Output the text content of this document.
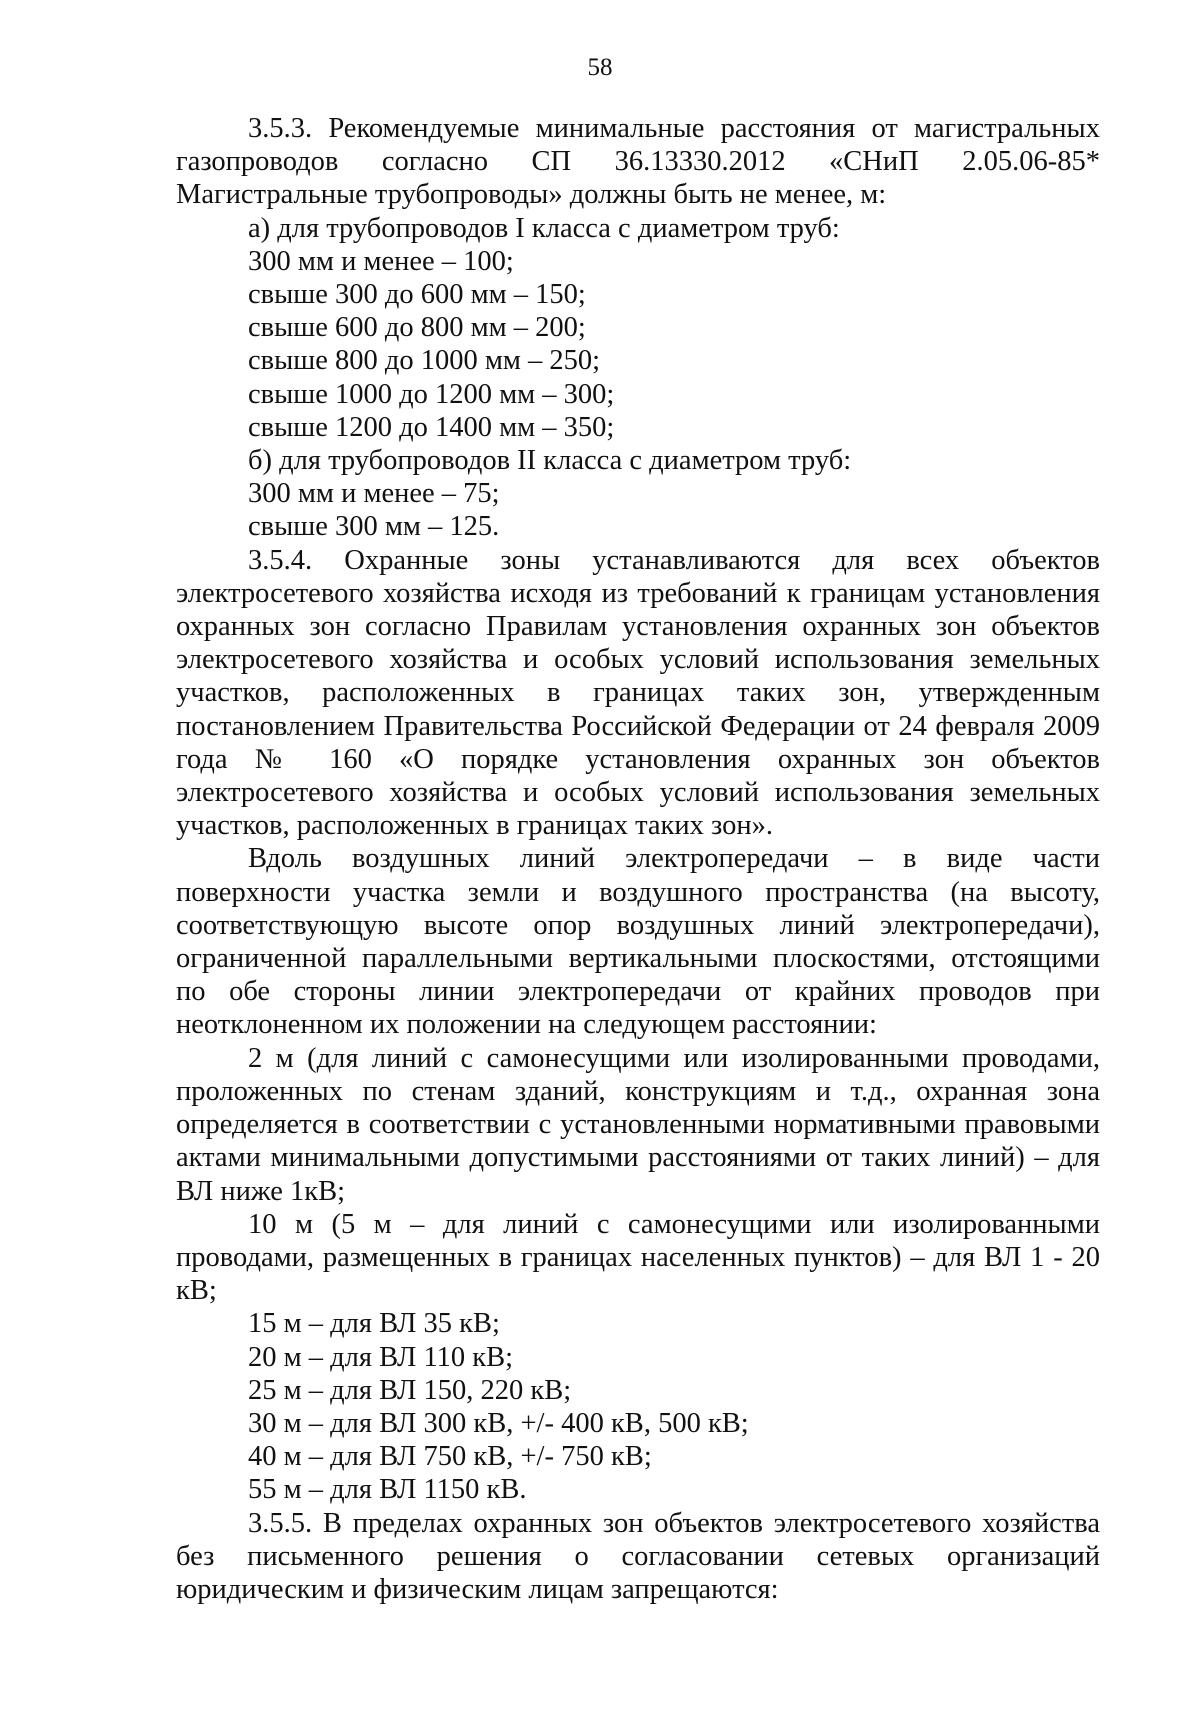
58
3.5.3. Рекомендуемые минимальные расстояния от магистральных
газопроводов согласно СП 36.13330.2012 «СНиП 2.05.06-85*

Магистральные трубопроводы» должны быть не менее, м:

а) для трубопроводов I класса с диаметром труб:

300 мм и менее – 100;

свыше 300 до 600 мм – 150;

свыше 600 до 800 мм – 200;

свыше 800 до 1000 мм – 250;

свыше 1000 до 1200 мм – 300;

свыше 1200 до 1400 мм – 350;

б) для трубопроводов II класса с диаметром труб:

300 мм и менее – 75;

свыше 300 мм – 125.

3.5.4. Охранные зоны устанавливаются для всех объектов электросетевого хозяйства исходя из требований к границам установления охранных зон согласно Правилам установления охранных зон объектов электросетевого хозяйства и особых условий использования земельных участков, расположенных в границах таких зон, утвержденным постановлением Правительства Российской Федерации от 24 февраля 2009 года № 160 «О порядке установления охранных зон объектов электросетевого хозяйства и особых условий использования земельных участков, расположенных в границах таких зон».

Вдоль воздушных линий электропередачи – в виде части поверхности участка земли и воздушного пространства (на высоту, соответствующую высоте опор воздушных линий электропередачи), ограниченной параллельными вертикальными плоскостями, отстоящими по обе стороны линии электропередачи от крайних проводов при неотклоненном их положении на следующем расстоянии:

2 м (для линий с самонесущими или изолированными проводами, проложенных по стенам зданий, конструкциям и т.д., охранная зона определяется в соответствии с установленными нормативными правовыми актами минимальными допустимыми расстояниями от таких линий) – для ВЛ ниже 1кВ;

10 м (5 м – для линий с самонесущими или изолированными проводами, размещенных в границах населенных пунктов) – для ВЛ 1 - 20 кВ;

15 м – для ВЛ 35 кВ;

20 м – для ВЛ 110 кВ;

25 м – для ВЛ 150, 220 кВ;

30 м – для ВЛ 300 кВ, +/- 400 кВ, 500 кВ;

40 м – для ВЛ 750 кВ, +/- 750 кВ;

55 м – для ВЛ 1150 кВ.

3.5.5. В пределах охранных зон объектов электросетевого хозяйства без письменного решения о согласовании сетевых организаций юридическим и физическим лицам запрещаются:
